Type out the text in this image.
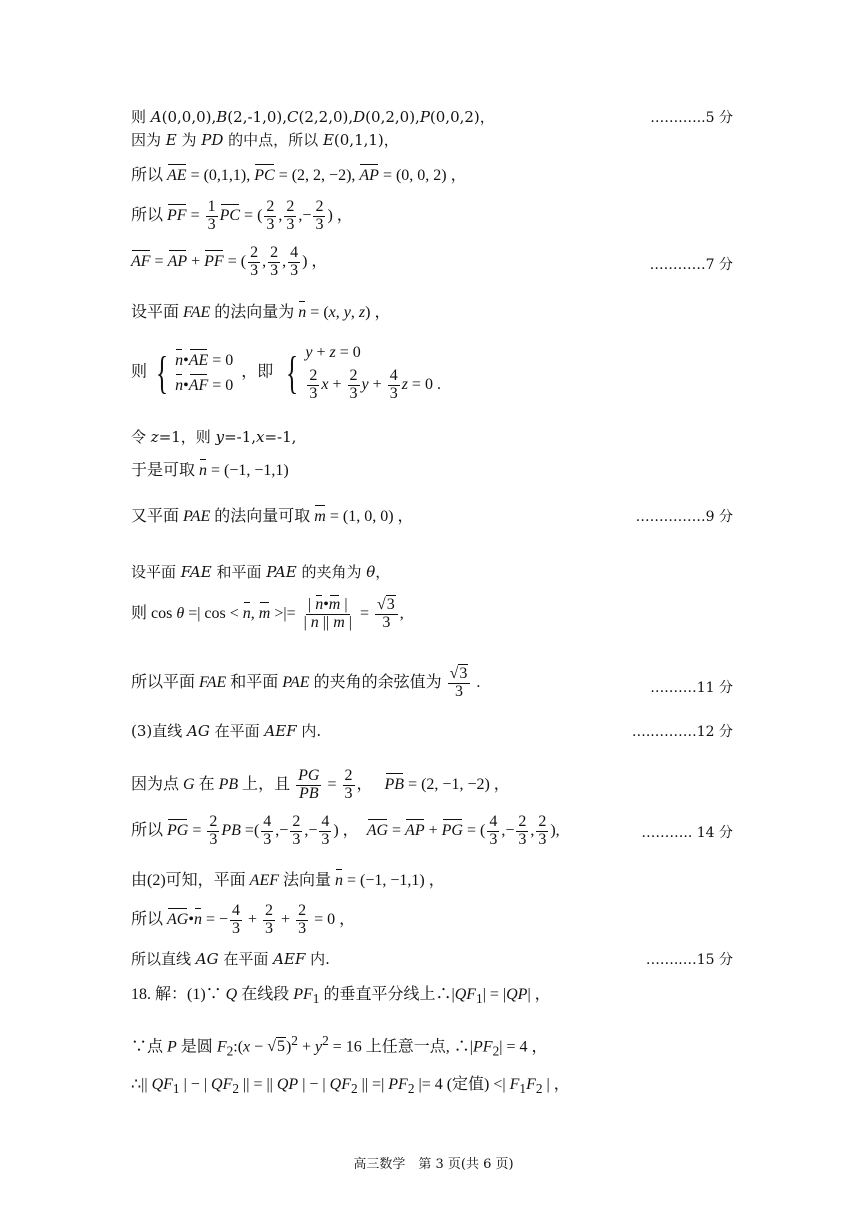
则 A(0,0,0),B(2,-1,0),C(2,2,0),D(0,2,0),P(0,0,2)，	…….…..5 分
因为 E 为 PD 的中点，所以 E(0,1,1)，
所以 AE = (0,1,1), PC = (2, 2, −2), AP = (0, 0, 2) ，
所以 PF = $\frac{1}{3}$ PC = ( $\frac{2}{3}$ , $\frac{2}{3}$ ,− $\frac{2}{3}$ ) ，
AF = AP + PF = ( $\frac{2}{3}$ , $\frac{2}{3}$ , $\frac{4}{3}$ ) ，	…………7 分
设平面 FAE 的法向量为 n = (x, y, z) ，
则 { n•AE = 0
n•AF = 0
，即 { y + z = 0
$\frac{2}{3}$ $x + \frac{2}{3}$ $y + \frac{4}{3}$ z = 0 .
令 z=1，则 y=-1,x=-1,
于是可取 n = (−1, −1,1)
又平面 PAE 的法向量可取 m = (1, 0, 0) ，	……………9 分
设平面 FAE 和平面 PAE 的夹角为 θ，
则 cos θ =| cos < n, m >|= $\frac{| n•m |}{| n || m |} = \frac{√3}{3}$ ,
所以平面 FAE 和平面 PAE 的夹角的余弦值为 $\frac{√3}{3}$ .	….……11 分
(3)直线 AG 在平面 AEF 内.	…..………12 分
因为点 G 在 PB 上，且 $\frac{PG}{PB} = \frac{2}{3}$ ，   PB = (2, −1, −2) ，
所以 PG = $\frac{2}{3}$ PB =( $\frac{4}{3}$ ,− $\frac{2}{3}$ ,− $\frac{4}{3}$ ) ，  AG = AP + PG = ( $\frac{4}{3}$ ,− $\frac{2}{3}$ , $\frac{2}{3}$ ),	……….. 14 分
由(2)可知，平面 AEF 法向量 n = (−1, −1,1) ，
所以 AG•n = − $\frac{4}{3} + \frac{2}{3} + \frac{2}{3} = 0$ ，
所以直线 AG 在平面 AEF 内.	……..…15 分
18. 解：(1)∵ Q 在线段 $PF_1$ 的垂直平分线上$\therefore|QF_1| = |QP|$ ，
∵点 P 是圆 $F_2:(x - √5)^2 + y^2 = 16$ 上任意一点, $\therefore|PF_2| = 4$ ，
∴|| $QF_1$ | − | $QF_2$ || = || QP | − | $QF_2$ || =| $PF_2$ |= 4 (定值) <| $F_1F_2$ | ，
高三数学　第 3 页(共 6 页)
